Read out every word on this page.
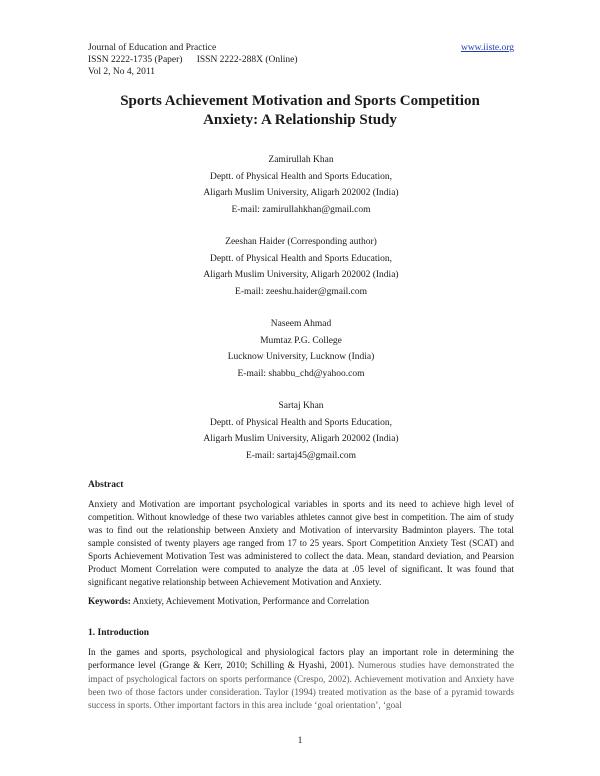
Journal of Education and Practice	www.iiste.org
ISSN 2222-1735 (Paper)      ISSN 2222-288X (Online)
Vol 2, No 4, 2011
Sports Achievement Motivation and Sports Competition
Anxiety: A Relationship Study
Zamirullah Khan
Deptt. of Physical Health and Sports Education,
Aligarh Muslim University, Aligarh 202002 (India)
E-mail: zamirullahkhan@gmail.com
Zeeshan Haider (Corresponding author)
Deptt. of Physical Health and Sports Education,
Aligarh Muslim University, Aligarh 202002 (India)
E-mail: zeeshu.haider@gmail.com
Naseem Ahmad
Mumtaz P.G. College
Lucknow University, Lucknow (India)
E-mail: shabbu_chd@yahoo.com
Sartaj Khan
Deptt. of Physical Health and Sports Education,
Aligarh Muslim University, Aligarh 202002 (India)
E-mail: sartaj45@gmail.com
Abstract

Anxiety and Motivation are important psychological variables in sports and its need to achieve high level of competition. Without knowledge of these two variables athletes cannot give best in competition. The aim of study was to find out the relationship between Anxiety and Motivation of intervarsity Badminton players. The total sample consisted of twenty players age ranged from 17 to 25 years. Sport Competition Anxiety Test (SCAT) and Sports Achievement Motivation Test was administered to collect the data. Mean, standard deviation, and Pearsion Product Moment Correlation were computed to analyze the data at .05 level of significant. It was found that significant negative relationship between Achievement Motivation and Anxiety.

Keywords: Anxiety, Achievement Motivation, Performance and Correlation
1. Introduction

In the games and sports, psychological and physiological factors play an important role in determining the performance level (Grange & Kerr, 2010; Schilling & Hyashi, 2001). Numerous studies have demonstrated the impact of psychological factors on sports performance (Crespo, 2002). Achievement motivation and Anxiety have been two of those factors under consideration. Taylor (1994) treated motivation as the base of a pyramid towards success in sports. Other important factors in this area include ‘goal orientation’, ‘goal

1
